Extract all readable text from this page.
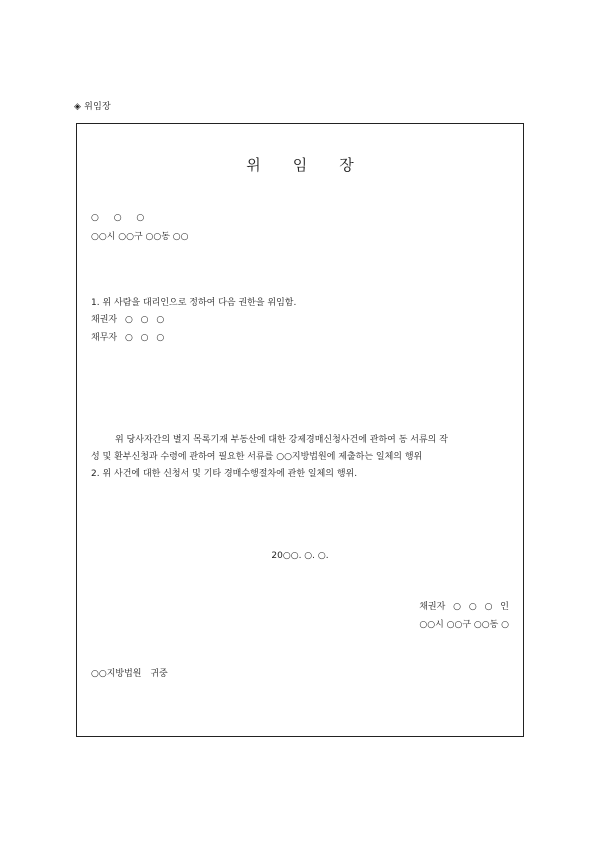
◈ 위임장
위임장
○ ○ ○
○○시 ○○구 ○○동 ○○
1. 위 사람을 대리인으로 정하여 다음 권한을 위임함.
채권자 ○ ○ ○
채무자 ○ ○ ○
위 당사자간의 별지 목록기재 부동산에 대한 강제경매신청사건에 관하여 동 서류의 작
성 및 환부신청과 수령에 관하여 필요한 서류를 ○○지방법원에 제출하는 일체의 행위
2. 위 사건에 대한 신청서 및 기타 경매수행절차에 관한 일체의 행위.
20○○. ○. ○.
채권자 ○ ○ ○ 인
○○시 ○○구 ○○동 ○
○○지방법원 귀중
